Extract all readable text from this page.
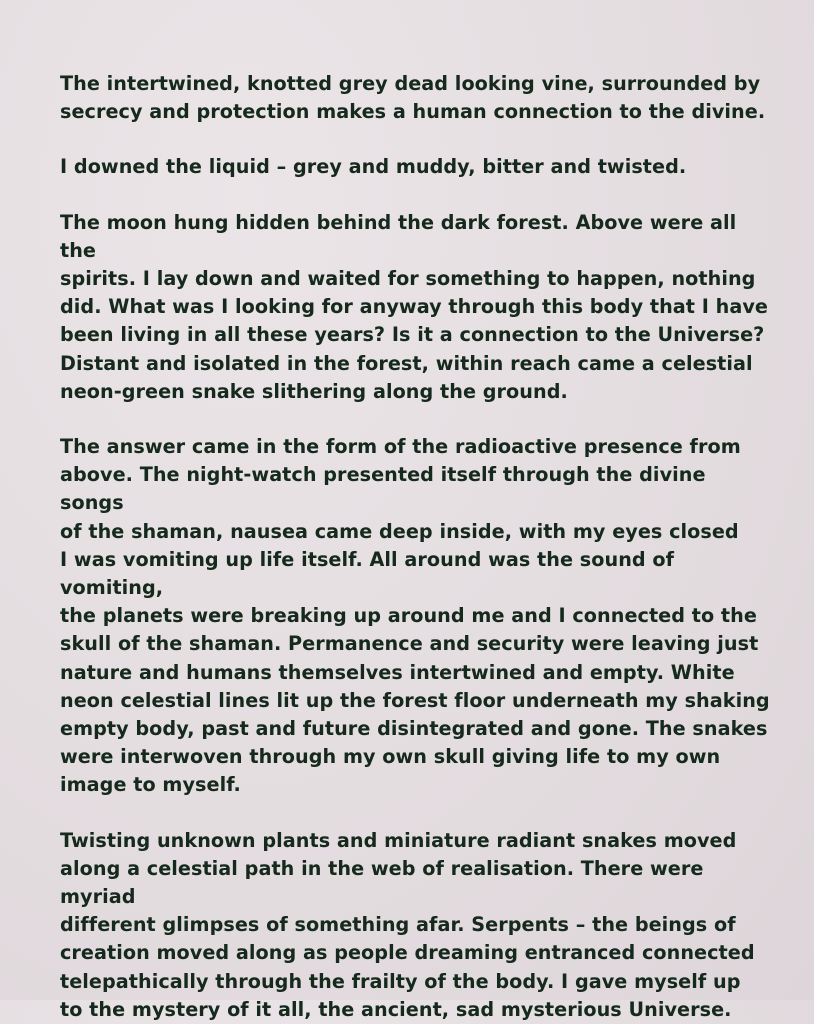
The intertwined, knotted grey dead looking vine, surrounded by
secrecy and protection makes a human connection to the divine.

I downed the liquid – grey and muddy, bitter and twisted.

The moon hung hidden behind the dark forest. Above were all the
spirits. I lay down and waited for something to happen, nothing
did. What was I looking for anyway through this body that I have
been living in all these years? Is it a connection to the Universe?
Distant and isolated in the forest, within reach came a celestial
neon-green snake slithering along the ground.

The answer came in the form of the radioactive presence from
above. The night-watch presented itself through the divine songs
of the shaman, nausea came deep inside, with my eyes closed
I was vomiting up life itself. All around was the sound of vomiting,
the planets were breaking up around me and I connected to the
skull of the shaman. Permanence and security were leaving just
nature and humans themselves intertwined and empty. White
neon celestial lines lit up the forest floor underneath my shaking
empty body, past and future disintegrated and gone. The snakes
were interwoven through my own skull giving life to my own
image to myself.

Twisting unknown plants and miniature radiant snakes moved
along a celestial path in the web of realisation. There were myriad
different glimpses of something afar. Serpents – the beings of
creation moved along as people dreaming entranced connected
telepathically through the frailty of the body. I gave myself up
to the mystery of it all, the ancient, sad mysterious Universe.
